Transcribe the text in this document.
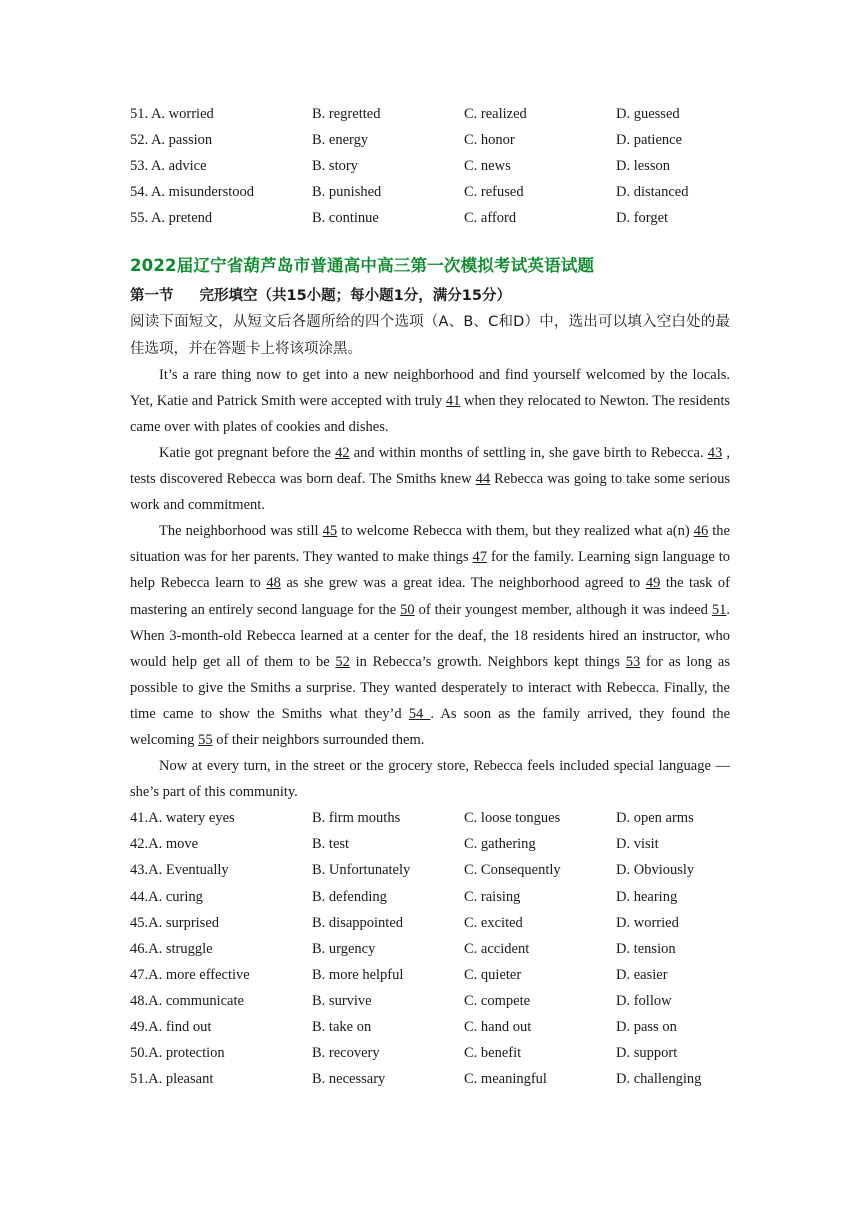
51. A. worried	B. regretted	C. realized	D. guessed
52. A. passion	B. energy	C. honor	D. patience
53. A. advice	B. story	C. news	D. lesson
54. A. misunderstood	B. punished	C. refused	D. distanced
55. A. pretend	B. continue	C. afford	D. forget
2022届辽宁省葫芦岛市普通高中高三第一次模拟考试英语试题
第一节 完形填空（共15小题；每小题1分，满分15分）
阅读下面短文，从短文后各题所给的四个选项（A、B、C和D）中，选出可以填入空白处的最佳选项，并在答题卡上将该项涂黑。

It’s a rare thing now to get into a new neighborhood and find yourself welcomed by the locals. Yet, Katie and Patrick Smith were accepted with truly 41 when they relocated to Newton. The residents came over with plates of cookies and dishes.

Katie got pregnant before the 42 and within months of settling in, she gave birth to Rebecca. 43 , tests discovered Rebecca was born deaf. The Smiths knew 44 Rebecca was going to take some serious work and commitment.

The neighborhood was still 45 to welcome Rebecca with them, but they realized what a(n) 46 the situation was for her parents. They wanted to make things 47 for the family. Learning sign language to help Rebecca learn to 48 as she grew was a great idea. The neighborhood agreed to 49 the task of mastering an entirely second language for the 50 of their youngest member, although it was indeed 51. When 3-month-old Rebecca learned at a center for the deaf, the 18 residents hired an instructor, who would help get all of them to be 52 in Rebecca’s growth. Neighbors kept things 53 for as long as possible to give the Smiths a surprise. They wanted desperately to interact with Rebecca. Finally, the time came to show the Smiths what they’d 54 . As soon as the family arrived, they found the welcoming 55 of their neighbors surrounded them.

Now at every turn, in the street or the grocery store, Rebecca feels included special language — she’s part of this community.

41.A. watery eyes	B. firm mouths	C. loose tongues	D. open arms
42.A. move	B. test	C. gathering	D. visit
43.A. Eventually	B. Unfortunately	C. Consequently	D. Obviously
44.A. curing	B. defending	C. raising	D. hearing
45.A. surprised	B. disappointed	C. excited	D. worried
46.A. struggle	B. urgency	C. accident	D. tension
47.A. more effective	B. more helpful	C. quieter	D. easier
48.A. communicate	B. survive	C. compete	D. follow
49.A. find out	B. take on	C. hand out	D. pass on
50.A. protection	B. recovery	C. benefit	D. support
51.A. pleasant	B. necessary	C. meaningful	D. challenging
